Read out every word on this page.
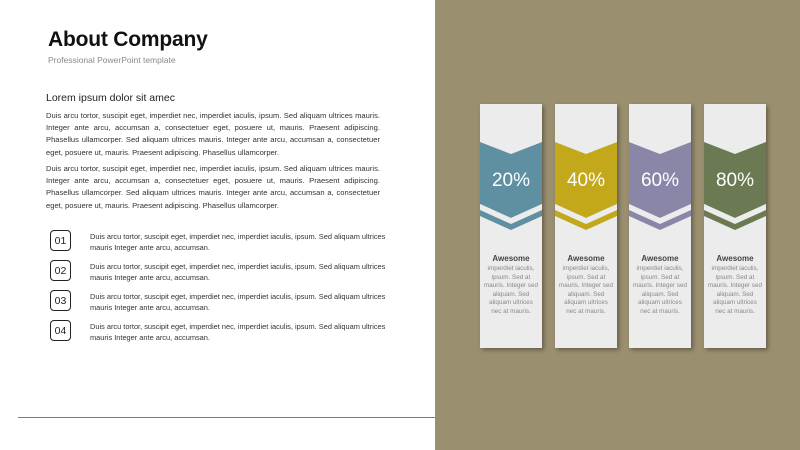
About Company
Professional PowerPoint template
Lorem ipsum dolor sit amec
Duis arcu tortor, suscipit eget, imperdiet nec, imperdiet iaculis, ipsum. Sed aliquam ultrices mauris. Integer ante arcu, accumsan a, consectetuer eget, posuere ut, mauris. Praesent adipiscing. Phasellus ullamcorper. Sed aliquam ultrices mauris. Integer ante arcu, accumsan a, consectetuer eget, posuere ut, mauris. Praesent adipiscing. Phasellus ullamcorper.
Duis arcu tortor, suscipit eget, imperdiet nec, imperdiet iaculis, ipsum. Sed aliquam ultrices mauris. Integer ante arcu, accumsan a, consectetuer eget, posuere ut, mauris. Praesent adipiscing. Phasellus ullamcorper. Sed aliquam ultrices mauris. Integer ante arcu, accumsan a, consectetuer eget, posuere ut, mauris. Praesent adipiscing. Phasellus ullamcorper.
01	Duis arcu tortor, suscipit eget, imperdiet nec, imperdiet iaculis, ipsum. Sed aliquam ultrices mauris Integer ante arcu, accumsan.
02	Duis arcu tortor, suscipit eget, imperdiet nec, imperdiet iaculis, ipsum. Sed aliquam ultrices mauris Integer ante arcu, accumsan.
03	Duis arcu tortor, suscipit eget, imperdiet nec, imperdiet iaculis, ipsum. Sed aliquam ultrices mauris Integer ante arcu, accumsan.
04	Duis arcu tortor, suscipit eget, imperdiet nec, imperdiet iaculis, ipsum. Sed aliquam ultrices mauris Integer ante arcu, accumsan.
20%
Awesome
imperdiet iaculis, ipsum. Sed at mauris. Integer sed aliquam. Sed aliquam ultrices nec at mauris.
40%
Awesome
imperdiet iaculis, ipsum. Sed at mauris. Integer sed aliquam. Sed aliquam ultrices nec at mauris.
60%
Awesome
imperdiet iaculis, ipsum. Sed at mauris. Integer sed aliquam. Sed aliquam ultrices nec at mauris.
80%
Awesome
imperdiet iaculis, ipsum. Sed at mauris. Integer sed aliquam. Sed aliquam ultrices nec at mauris.
